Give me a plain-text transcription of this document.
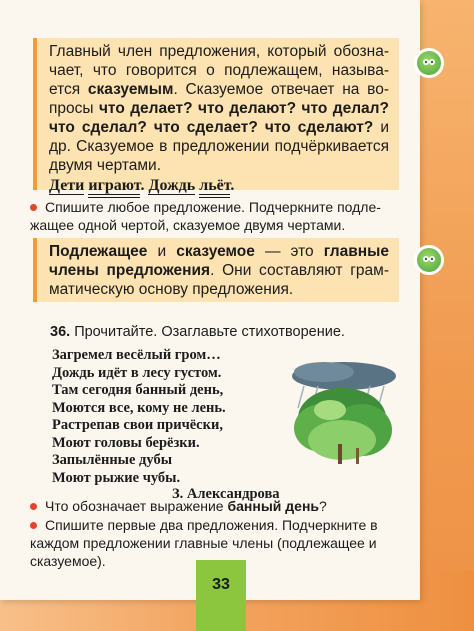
Главный член предложения, который обозначает, что говорится о подлежащем, называется сказуемым. Сказуемое отвечает на вопросы что делает? что делают? что делал? что сделал? что сделает? что сделают? и др. Сказуемое в предложении подчёркивается двумя чертами.
Дети играют. Дождь льёт.
Спишите любое предложение. Подчеркните подлежащее одной чертой, сказуемое двумя чертами.
Подлежащее и сказуемое — это главные члены предложения. Они составляют грамматическую основу предложения.
36. Прочитайте. Озаглавьте стихотворение.
Загремел весёлый гром…
Дождь идёт в лесу густом.
Там сегодня банный день,
Моются все, кому не лень.
Растрепав свои причёски,
Моют головы берёзки.
Запылённые дубы
Моют рыжие чубы.
З. Александрова
Что обозначает выражение банный день?
Спишите первые два предложения. Подчеркните в каждом предложении главные члены (подлежащее и сказуемое).
33
